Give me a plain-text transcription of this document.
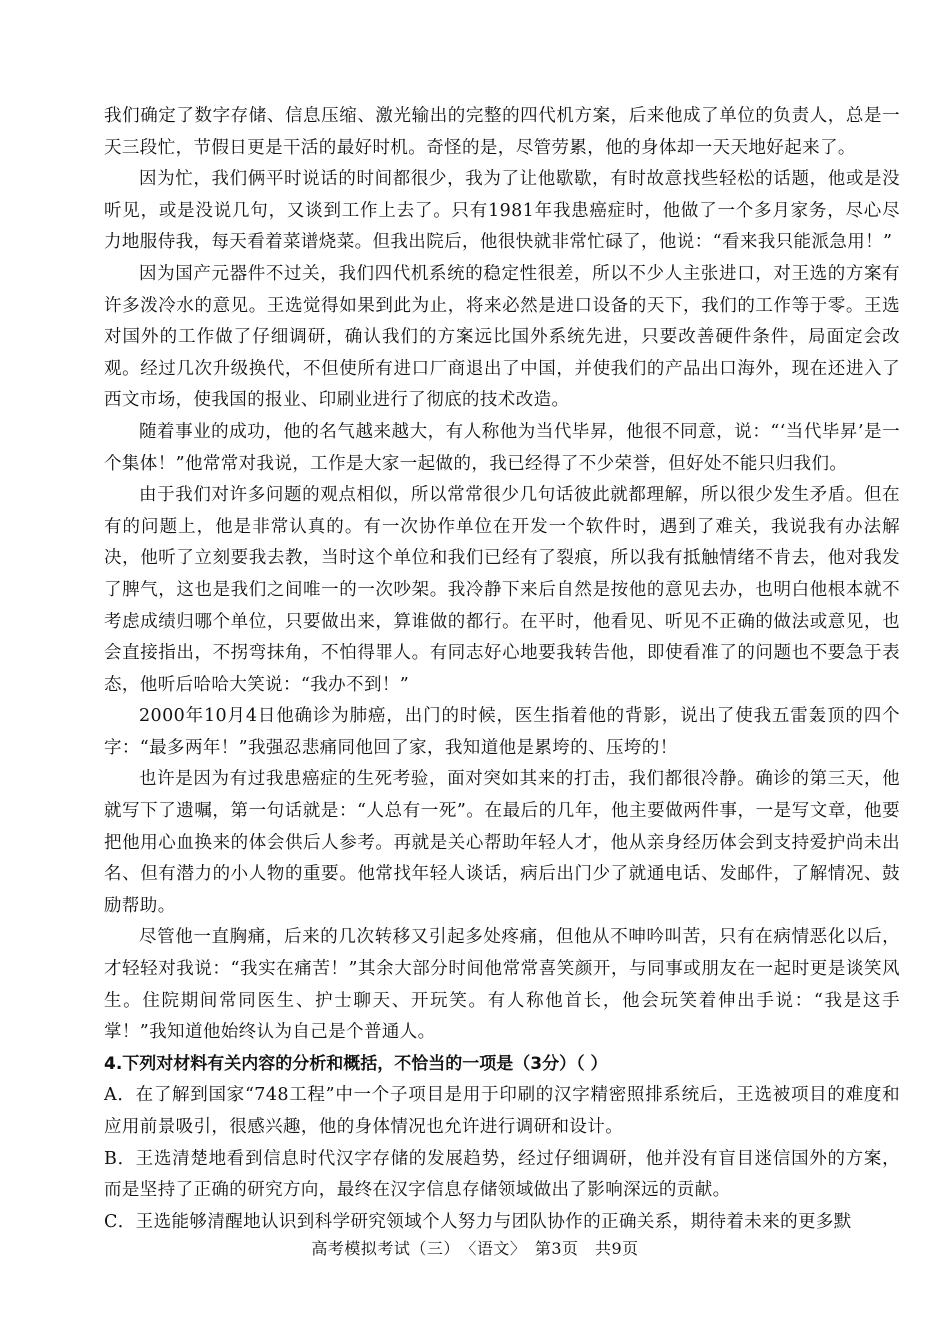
我们确定了数字存储、信息压缩、激光输出的完整的四代机方案，后来他成了单位的负责人，总是一天三段忙，节假日更是干活的最好时机。奇怪的是，尽管劳累，他的身体却一天天地好起来了。

因为忙，我们俩平时说话的时间都很少，我为了让他歇歇，有时故意找些轻松的话题，他或是没听见，或是没说几句，又谈到工作上去了。只有1981年我患癌症时，他做了一个多月家务，尽心尽力地服侍我，每天看着菜谱烧菜。但我出院后，他很快就非常忙碌了，他说：“看来我只能派急用！”

因为国产元器件不过关，我们四代机系统的稳定性很差，所以不少人主张进口，对王选的方案有许多泼冷水的意见。王选觉得如果到此为止，将来必然是进口设备的天下，我们的工作等于零。王选对国外的工作做了仔细调研，确认我们的方案远比国外系统先进，只要改善硬件条件，局面定会改观。经过几次升级换代，不但使所有进口厂商退出了中国，并使我们的产品出口海外，现在还进入了西文市场，使我国的报业、印刷业进行了彻底的技术改造。

随着事业的成功，他的名气越来越大，有人称他为当代毕昇，他很不同意，说：“‘当代毕昇’是一个集体！”他常常对我说，工作是大家一起做的，我已经得了不少荣誉，但好处不能只归我们。

由于我们对许多问题的观点相似，所以常常很少几句话彼此就都理解，所以很少发生矛盾。但在有的问题上，他是非常认真的。有一次协作单位在开发一个软件时，遇到了难关，我说我有办法解决，他听了立刻要我去教，当时这个单位和我们已经有了裂痕，所以我有抵触情绪不肯去，他对我发了脾气，这也是我们之间唯一的一次吵架。我冷静下来后自然是按他的意见去办，也明白他根本就不考虑成绩归哪个单位，只要做出来，算谁做的都行。在平时，他看见、听见不正确的做法或意见，也会直接指出，不拐弯抹角，不怕得罪人。有同志好心地要我转告他，即使看准了的问题也不要急于表态，他听后哈哈大笑说：“我办不到！”

2000年10月4日他确诊为肺癌，出门的时候，医生指着他的背影，说出了使我五雷轰顶的四个字：“最多两年！”我强忍悲痛同他回了家，我知道他是累垮的、压垮的！

也许是因为有过我患癌症的生死考验，面对突如其来的打击，我们都很冷静。确诊的第三天，他就写下了遗嘱，第一句话就是：“人总有一死”。在最后的几年，他主要做两件事，一是写文章，他要把他用心血换来的体会供后人参考。再就是关心帮助年轻人才，他从亲身经历体会到支持爱护尚未出名、但有潜力的小人物的重要。他常找年轻人谈话，病后出门少了就通电话、发邮件，了解情况、鼓励帮助。

尽管他一直胸痛，后来的几次转移又引起多处疼痛，但他从不呻吟叫苦，只有在病情恶化以后，才轻轻对我说：“我实在痛苦！”其余大部分时间他常常喜笑颜开，与同事或朋友在一起时更是谈笑风生。住院期间常同医生、护士聊天、开玩笑。有人称他首长，他会玩笑着伸出手说：“我是这手掌！”我知道他始终认为自己是个普通人。

4.下列对材料有关内容的分析和概括，不恰当的一项是（3分）（ ）

A．在了解到国家“748工程”中一个子项目是用于印刷的汉字精密照排系统后，王选被项目的难度和应用前景吸引，很感兴趣，他的身体情况也允许进行调研和设计。

B．王选清楚地看到信息时代汉字存储的发展趋势，经过仔细调研，他并没有盲目迷信国外的方案，而是坚持了正确的研究方向，最终在汉字信息存储领域做出了影响深远的贡献。

C．王选能够清醒地认识到科学研究领域个人努力与团队协作的正确关系，期待着未来的更多默

高考模拟考试（三）　〈语文〉　第3页　共9页
